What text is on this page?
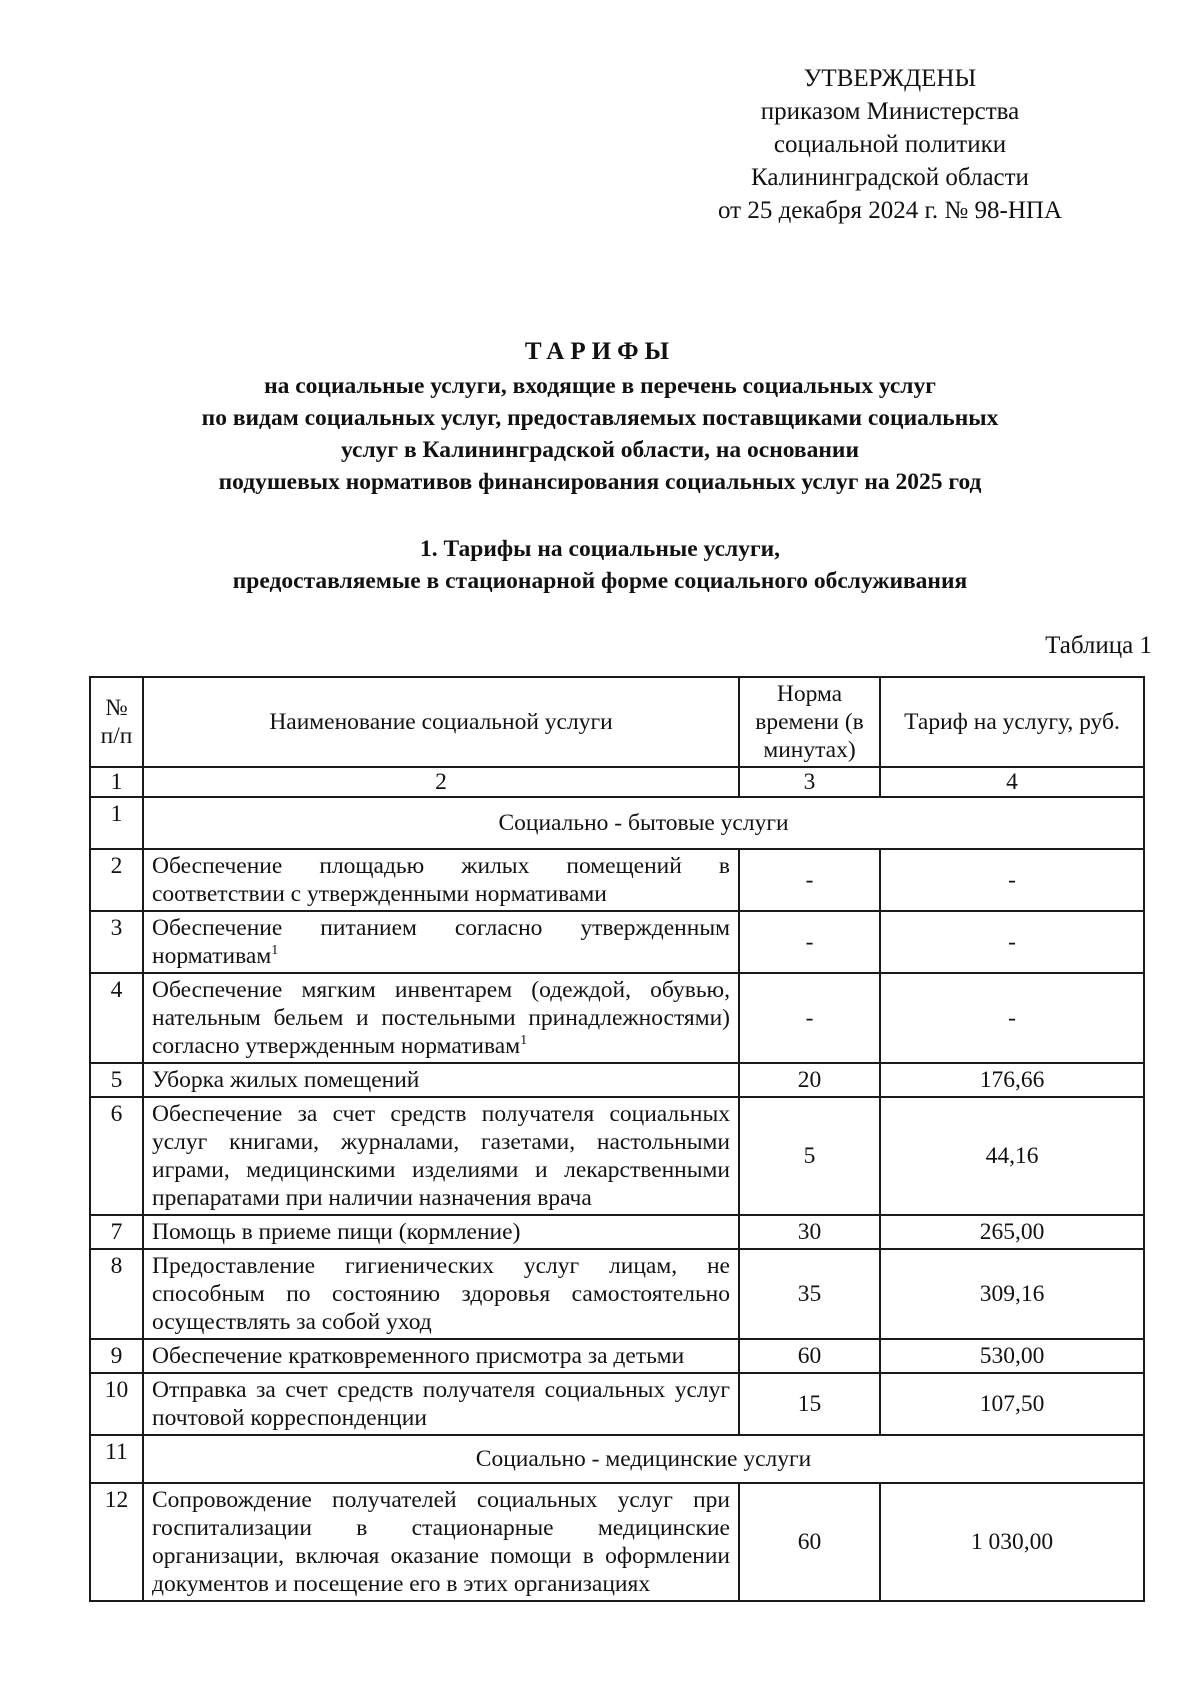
УТВЕРЖДЕНЫ
приказом Министерства
социальной политики
Калининградской области
от 25 декабря 2024 г. № 98-НПА
ТАРИФЫ
на социальные услуги, входящие в перечень социальных услуг
по видам социальных услуг, предоставляемых поставщиками социальных
услуг в Калининградской области, на основании
подушевых нормативов финансирования социальных услуг на 2025 год
1. Тарифы на социальные услуги,
предоставляемые в стационарной форме социального обслуживания
Таблица 1
№ п/п	Наименование социальной услуги	Норма времени (в минутах)	Тариф на услугу, руб.
1	2	3	4
1	Социально - бытовые услуги		
2	Обеспечение площадью жилых помещений в соответствии с утвержденными нормативами	-	-
3	Обеспечение питанием согласно утвержденным нормативам$^1$	-	-
4	Обеспечение мягким инвентарем (одеждой, обувью, нательным бельем и постельными принадлежностями) согласно утвержденным нормативам$^1$	-	-
5	Уборка жилых помещений	20	176,66
6	Обеспечение за счет средств получателя социальных услуг книгами, журналами, газетами, настольными играми, медицинскими изделиями и лекарственными препаратами при наличии назначения врача	5	44,16
7	Помощь в приеме пищи (кормление)	30	265,00
8	Предоставление гигиенических услуг лицам, не способным по состоянию здоровья самостоятельно осуществлять за собой уход	35	309,16
9	Обеспечение кратковременного присмотра за детьми	60	530,00
10	Отправка за счет средств получателя социальных услуг почтовой корреспонденции	15	107,50
11	Социально - медицинские услуги		
12	Сопровождение получателей социальных услуг при госпитализации в стационарные медицинские организации, включая оказание помощи в оформлении документов и посещение его в этих организациях	60	1 030,00
